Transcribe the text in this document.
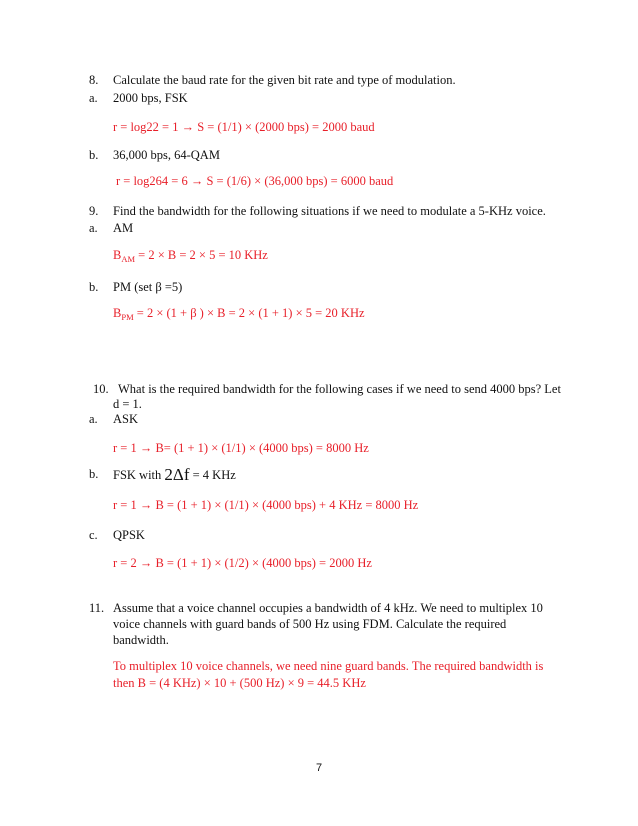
8. Calculate the baud rate for the given bit rate and type of modulation.
a. 2000 bps, FSK
r = log22 = 1 → S = (1/1) × (2000 bps) = 2000 baud
b. 36,000 bps, 64-QAM
r = log264 = 6 → S = (1/6) × (36,000 bps) = 6000 baud
9. Find the bandwidth for the following situations if we need to modulate a 5-KHz voice.
a. AM
$B_{AM} = 2 \times B = 2 \times 5 = 10$ KHz
b. PM (set β =5)
$B_{PM} = 2 \times (1 + \beta$ ) × B = 2 × (1 + 1) × 5 = 20 KHz
10. What is the required bandwidth for the following cases if we need to send 4000 bps? Let
d = 1.
a. ASK
r = 1 → B= (1 + 1) × (1/1) × (4000 bps) = 8000 Hz
b. FSK with 2Δf = 4 KHz
r = 1 → B = (1 + 1) × (1/1) × (4000 bps) + 4 KHz = 8000 Hz
c. QPSK
r = 2 → B = (1 + 1) × (1/2) × (4000 bps) = 2000 Hz
11. Assume that a voice channel occupies a bandwidth of 4 kHz. We need to multiplex 10
voice channels with guard bands of 500 Hz using FDM. Calculate the required
bandwidth.
To multiplex 10 voice channels, we need nine guard bands. The required bandwidth is
then B = (4 KHz) × 10 + (500 Hz) × 9 = 44.5 KHz
7
